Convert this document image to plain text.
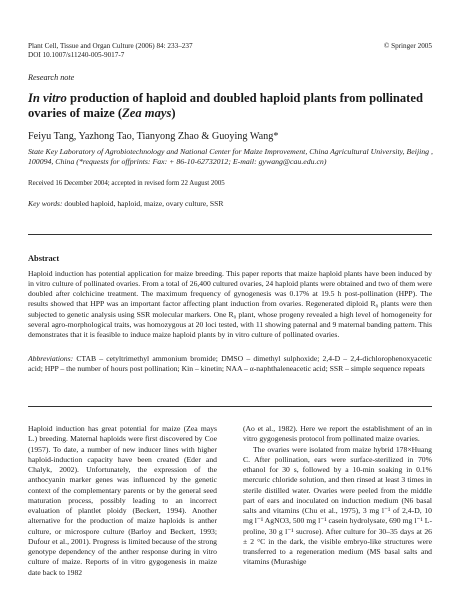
Plant Cell, Tissue and Organ Culture (2006) 84: 233–237
DOI 10.1007/s11240-005-9017-7
© Springer 2005
Research note
In vitro production of haploid and doubled haploid plants from pollinated ovaries of maize (Zea mays)
Feiyu Tang, Yazhong Tao, Tianyong Zhao & Guoying Wang*
State Key Laboratory of Agrobiotechnology and National Center for Maize Improvement, China Agricultural University, Beijing , 100094, China (*requests for offprints: Fax: + 86-10-62732012; E-mail: gywang@cau.edu.cn)
Received 16 December 2004; accepted in revised form 22 August 2005
Key words: doubled haploid, haploid, maize, ovary culture, SSR
Abstract
Haploid induction has potential application for maize breeding. This paper reports that maize haploid plants have been induced by in vitro culture of pollinated ovaries. From a total of 26,400 cultured ovaries, 24 haploid plants were obtained and two of them were doubled after colchicine treatment. The maximum frequency of gynogenesis was 0.17% at 19.5 h post-pollination (HPP). The results showed that HPP was an important factor affecting plant induction from ovaries. Regenerated diploid R₀ plants were then subjected to genetic analysis using SSR molecular markers. One R₀ plant, whose progeny revealed a high level of homogeneity for several agro-morphological traits, was homozygous at 20 loci tested, with 11 showing paternal and 9 maternal banding pattern. This demonstrates that it is feasible to induce maize haploid plants by in vitro culture of pollinated ovaries.
Abbreviations: CTAB – cetyltrimethyl ammonium bromide; DMSO – dimethyl sulphoxide; 2,4-D – 2,4-dichlorophenoxyacetic acid; HPP – the number of hours post pollination; Kin – kinetin; NAA – α-naphthaleneacetic acid; SSR – simple sequence repeats

Haploid induction has great potential for maize (Zea mays L.) breeding. Maternal haploids were first discovered by Coe (1957). To date, a number of new inducer lines with higher haploid-induction capacity have been created (Eder and Chalyk, 2002). Unfortunately, the expression of the anthocyanin marker genes was influenced by the genetic context of the complementary parents or by the general seed maturation process, possibly leading to an incorrect evaluation of plantlet ploidy (Beckert, 1994). Another alternative for the production of maize haploids is anther culture, or microspore culture (Barloy and Beckert, 1993; Dufour et al., 2001). Progress is limited because of the strong genotype dependency of the anther response during in vitro culture of maize. Reports of in vitro gygogenesis in maize date back to 1982

(Ao et al., 1982). Here we report the establishment of an in vitro gygogenesis protocol from pollinated maize ovaries.

The ovaries were isolated from maize hybrid 178×Huang C. After pollination, ears were surface-sterilized in 70% ethanol for 30 s, followed by a 10-min soaking in 0.1% mercuric chloride solution, and then rinsed at least 3 times in sterile distilled water. Ovaries were peeled from the middle part of ears and inoculated on induction medium (N6 basal salts and vitamins (Chu et al., 1975), 3 mg l⁻¹ of 2,4-D, 10 mg l⁻¹ AgNO3, 500 mg l⁻¹ casein hydrolysate, 690 mg l⁻¹ L-proline, 30 g l⁻¹ sucrose). After culture for 30–35 days at 26 ± 2 °C in the dark, the visible embryo-like structures were transferred to a regeneration medium (MS basal salts and vitamins (Murashige
